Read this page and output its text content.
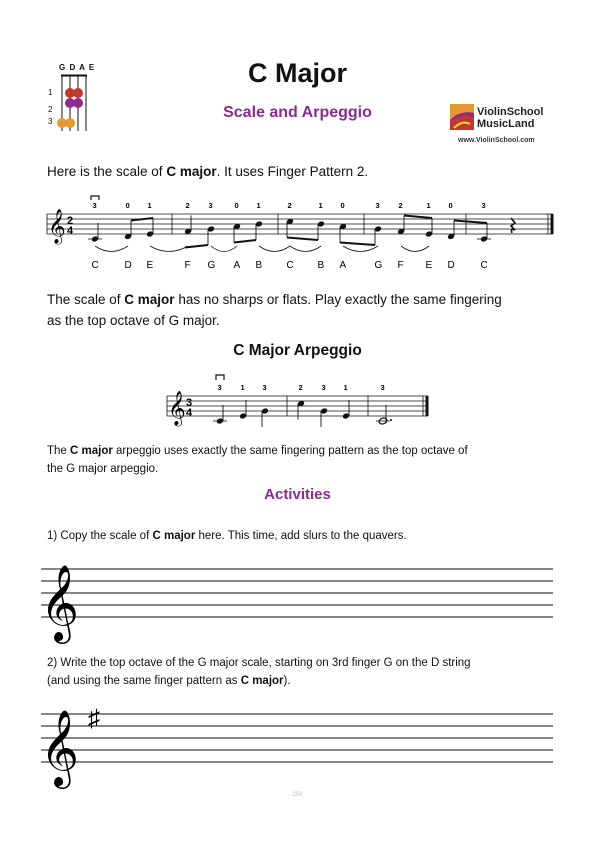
G D A E
1
2
3
C Major
Scale and Arpeggio	ViolinSchool
MusicLand
www.ViolinSchool.com
Here is the scale of C major. It uses Finger Pattern 2.
𝄞 2
4
3
C
0
D
1
E
2
F
3
G
0
A
1
B
2
C
1
B
0
A
3
G
2
F
1
E
0
D
3
C
The scale of C major has no sharps or flats. Play exactly the same fingering
as the top octave of G major.
C Major Arpeggio
𝄞 3
4
3	1 3	2	3 1	3
The C major arpeggio uses exactly the same fingering pattern as the top octave of
the G major arpeggio.
Activities
1) Copy the scale of C major here. This time, add slurs to the quavers.
𝄞
2) Write the top octave of the G major scale, starting on 3rd finger G on the D string
(and using the same finger pattern as C major).
𝄞 ♯
250
